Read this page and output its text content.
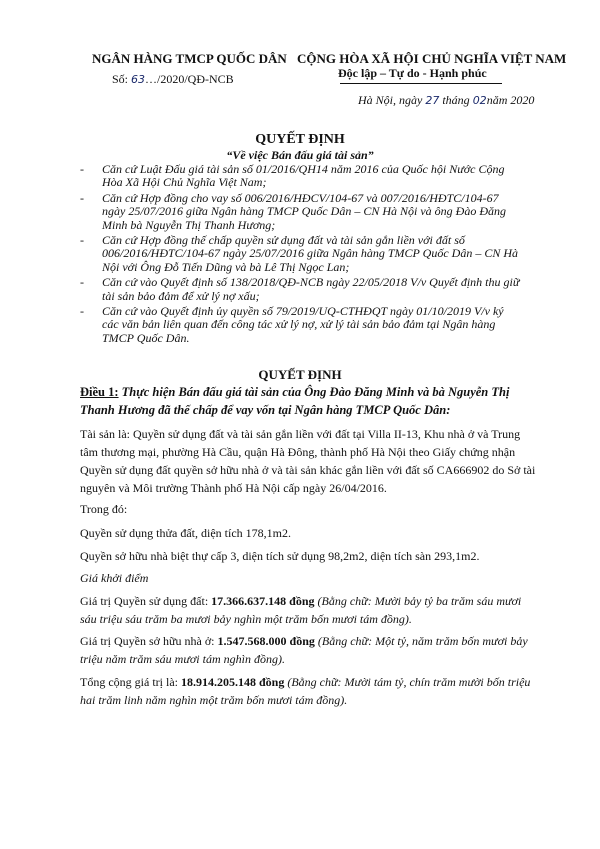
NGÂN HÀNG TMCP QUỐC DÂN

Số: 63…/2020/QĐ-NCB

CỘNG HÒA XÃ HỘI CHỦ NGHĨA VIỆT NAM

Độc lập – Tự do - Hạnh phúc

Hà Nội, ngày 27 tháng 02năm 2020

QUYẾT ĐỊNH

“Về việc Bán đấu giá tài sản”

- Căn cứ Luật Đấu giá tài sản số 01/2016/QH14 năm 2016 của Quốc hội Nước Cộng Hòa Xã Hội Chủ Nghĩa Việt Nam;
- Căn cứ Hợp đồng cho vay số 006/2016/HĐCV/104-67 và 007/2016/HĐTC/104-67 ngày 25/07/2016 giữa Ngân hàng TMCP Quốc Dân – CN Hà Nội và ông Đào Đăng Minh bà Nguyễn Thị Thanh Hương;
- Căn cứ Hợp đồng thế chấp quyền sử dụng đất và tài sản gắn liền với đất số 006/2016/HĐTC/104-67 ngày 25/07/2016 giữa Ngân hàng TMCP Quốc Dân – CN Hà Nội với Ông Đỗ Tiến Dũng và bà Lê Thị Ngọc Lan;
- Căn cứ vào Quyết định số 138/2018/QĐ-NCB ngày 22/05/2018 V/v Quyết định thu giữ tài sản bảo đảm để xử lý nợ xấu;
- Căn cứ vào Quyết định ủy quyền số 79/2019/UQ-CTHĐQT ngày 01/10/2019 V/v ký các văn bản liên quan đến công tác xử lý nợ, xử lý tài sản bảo đảm tại Ngân hàng TMCP Quốc Dân.

QUYẾT ĐỊNH

Điều 1: Thực hiện Bán đấu giá tài sản của Ông Đào Đăng Minh và bà Nguyễn Thị Thanh Hương đã thế chấp để vay vốn tại Ngân hàng TMCP Quốc Dân:

Tài sản là: Quyền sử dụng đất và tài sản gắn liền với đất tại Villa II-13, Khu nhà ở và Trung tâm thương mại, phường Hà Cầu, quận Hà Đông, thành phố Hà Nội theo Giấy chứng nhận Quyền sử dụng đất quyền sở hữu nhà ở và tài sản khác gắn liền với đất số CA666902 do Sở tài nguyên và Môi trường Thành phố Hà Nội cấp ngày 26/04/2016.

Trong đó:

Quyền sử dụng thửa đất, diện tích 178,1m2.

Quyền sở hữu nhà biệt thự cấp 3, diện tích sử dụng 98,2m2, diện tích sàn 293,1m2.

Giá khởi điểm

Giá trị Quyền sử dụng đất: 17.366.637.148 đồng (Bằng chữ: Mười bảy tỷ ba trăm sáu mươi sáu triệu sáu trăm ba mươi bảy nghìn một trăm bốn mươi tám đồng).

Giá trị Quyền sở hữu nhà ở: 1.547.568.000 đồng (Bằng chữ: Một tỷ, năm trăm bốn mươi bảy triệu năm trăm sáu mươi tám nghìn đồng).

Tổng cộng giá trị là: 18.914.205.148 đồng (Bằng chữ: Mười tám tỷ, chín trăm mười bốn triệu hai trăm linh năm nghìn một trăm bốn mươi tám đồng).
